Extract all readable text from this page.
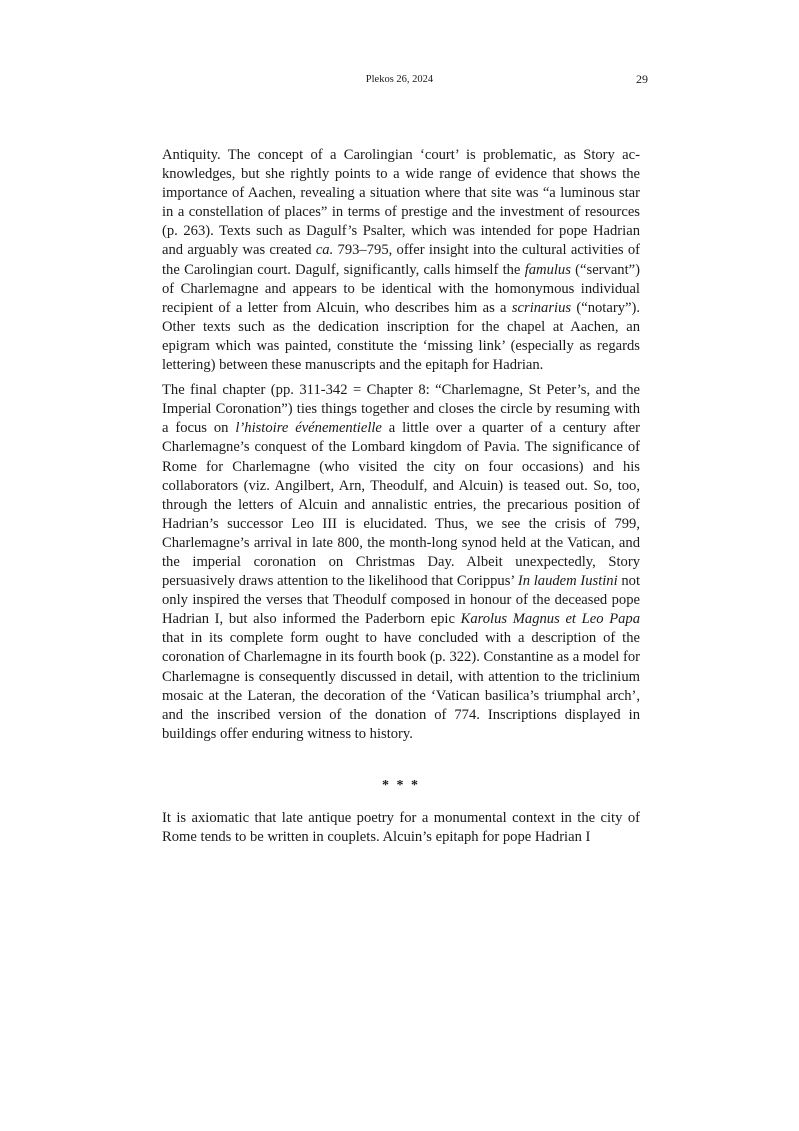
Plekos 26, 2024	29

Antiquity. The concept of a Carolingian ‘court’ is problematic, as Story acknowledges, but she rightly points to a wide range of evidence that shows the importance of Aachen, revealing a situation where that site was “a luminous star in a constellation of places” in terms of prestige and the investment of resources (p. 263). Texts such as Dagulf’s Psalter, which was intended for pope Hadrian and arguably was created ca. 793–795, offer insight into the cultural activities of the Carolingian court. Dagulf, significantly, calls himself the famulus (“servant”) of Charlemagne and appears to be identical with the homonymous individual recipient of a letter from Alcuin, who describes him as a scrinarius (“notary”). Other texts such as the dedication inscription for the chapel at Aachen, an epigram which was painted, constitute the ‘missing link’ (especially as regards lettering) between these manuscripts and the epitaph for Hadrian.

The final chapter (pp. 311-342 = Chapter 8: “Charlemagne, St Peter’s, and the Imperial Coronation”) ties things together and closes the circle by resuming with a focus on l’histoire événementielle a little over a quarter of a century after Charlemagne’s conquest of the Lombard kingdom of Pavia. The significance of Rome for Charlemagne (who visited the city on four occasions) and his collaborators (viz. Angilbert, Arn, Theodulf, and Alcuin) is teased out. So, too, through the letters of Alcuin and annalistic entries, the precarious position of Hadrian’s successor Leo III is elucidated. Thus, we see the crisis of 799, Charlemagne’s arrival in late 800, the month-long synod held at the Vatican, and the imperial coronation on Christmas Day. Albeit unexpectedly, Story persuasively draws attention to the likelihood that Corippus’ In laudem Iustini not only inspired the verses that Theodulf composed in honour of the deceased pope Hadrian I, but also informed the Paderborn epic Karolus Magnus et Leo Papa that in its complete form ought to have concluded with a description of the coronation of Charlemagne in its fourth book (p. 322). Constantine as a model for Charlemagne is consequently discussed in detail, with attention to the triclinium mosaic at the Lateran, the decoration of the ‘Vatican basilica’s triumphal arch’, and the inscribed version of the donation of 774. Inscriptions displayed in buildings offer enduring witness to history.

* * *

It is axiomatic that late antique poetry for a monumental context in the city of Rome tends to be written in couplets. Alcuin’s epitaph for pope Hadrian I
